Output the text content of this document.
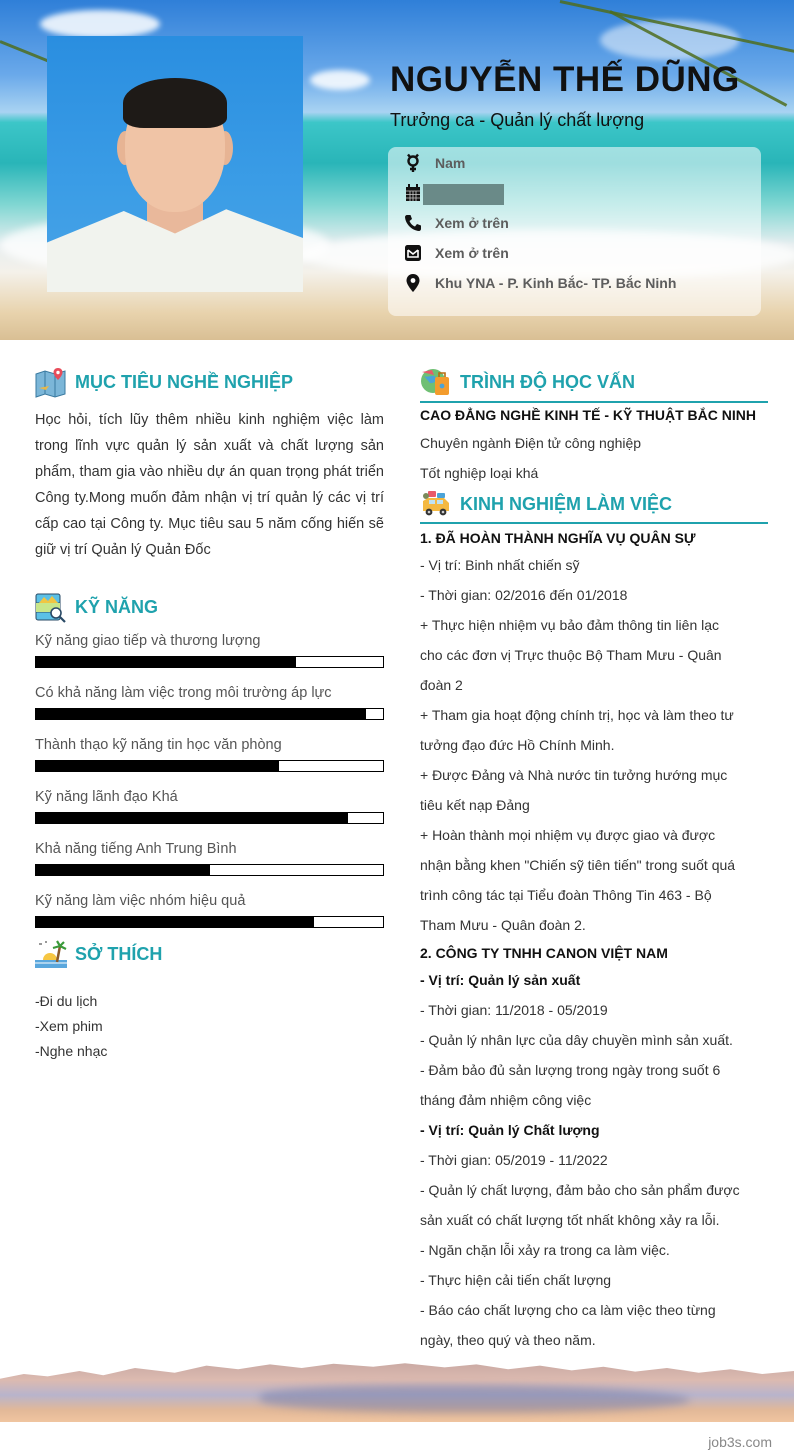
NGUYỄN THẾ DŨNG
Trưởng ca - Quản lý chất lượng
Nam
Xem ở trên
Xem ở trên
Khu YNA - P. Kinh Bắc- TP. Bắc Ninh
MỤC TIÊU NGHỀ NGHIỆP
Học hỏi, tích lũy thêm nhiều kinh nghiệm việc làm trong lĩnh vực quản lý sản xuất và chất lượng sản phẩm, tham gia vào nhiều dự án quan trọng phát triển Công ty.Mong muốn đảm nhận vị trí quản lý các vị trí cấp cao tại Công ty. Mục tiêu sau 5 năm cống hiến sẽ giữ vị trí Quản lý Quản Đốc
KỸ NĂNG
Kỹ năng giao tiếp và thương lượng
Có khả năng làm việc trong môi trường áp lực
Thành thạo kỹ năng tin học văn phòng
Kỹ năng lãnh đạo Khá
Khả năng tiếng Anh Trung Bình
Kỹ năng làm việc nhóm hiệu quả
SỞ THÍCH
-Đi du lịch
-Xem phim
-Nghe nhạc
TRÌNH ĐỘ HỌC VẤN
CAO ĐẲNG NGHỀ KINH TẾ - KỸ THUẬT BẮC NINH
Chuyên ngành Điện tử công nghiệp
Tốt nghiệp loại khá
KINH NGHIỆM LÀM VIỆC
1. ĐÃ HOÀN THÀNH NGHĨA VỤ QUÂN SỰ
- Vị trí: Binh nhất chiến sỹ
- Thời gian: 02/2016 đến 01/2018
+ Thực hiện nhiệm vụ bảo đảm thông tin liên lạc
cho các đơn vị Trực thuộc Bộ Tham Mưu - Quân
đoàn 2
+ Tham gia hoạt động chính trị, học và làm theo tư
tưởng đạo đức Hồ Chính Minh.
+ Được Đảng và Nhà nước tin tưởng hướng mục
tiêu kết nạp Đảng
+ Hoàn thành mọi nhiệm vụ được giao và được
nhận bằng khen "Chiến sỹ tiên tiến" trong suốt quá
trình công tác tại Tiểu đoàn Thông Tin 463 - Bộ
Tham Mưu - Quân đoàn 2.
2. CÔNG TY TNHH CANON VIỆT NAM
- Vị trí: Quản lý sản xuất
- Thời gian: 11/2018 - 05/2019
- Quản lý nhân lực của dây chuyền mình sản xuất.
- Đảm bảo đủ sản lượng trong ngày trong suốt 6
tháng đảm nhiệm công việc
- Vị trí: Quản lý Chất lượng
- Thời gian: 05/2019 - 11/2022
- Quản lý chất lượng, đảm bảo cho sản phẩm được
sản xuất có chất lượng tốt nhất không xảy ra lỗi.
- Ngăn chặn lỗi xảy ra trong ca làm việc.
- Thực hiện cải tiến chất lượng
- Báo cáo chất lượng cho ca làm việc theo từng
ngày, theo quý và theo năm.
job3s.com
